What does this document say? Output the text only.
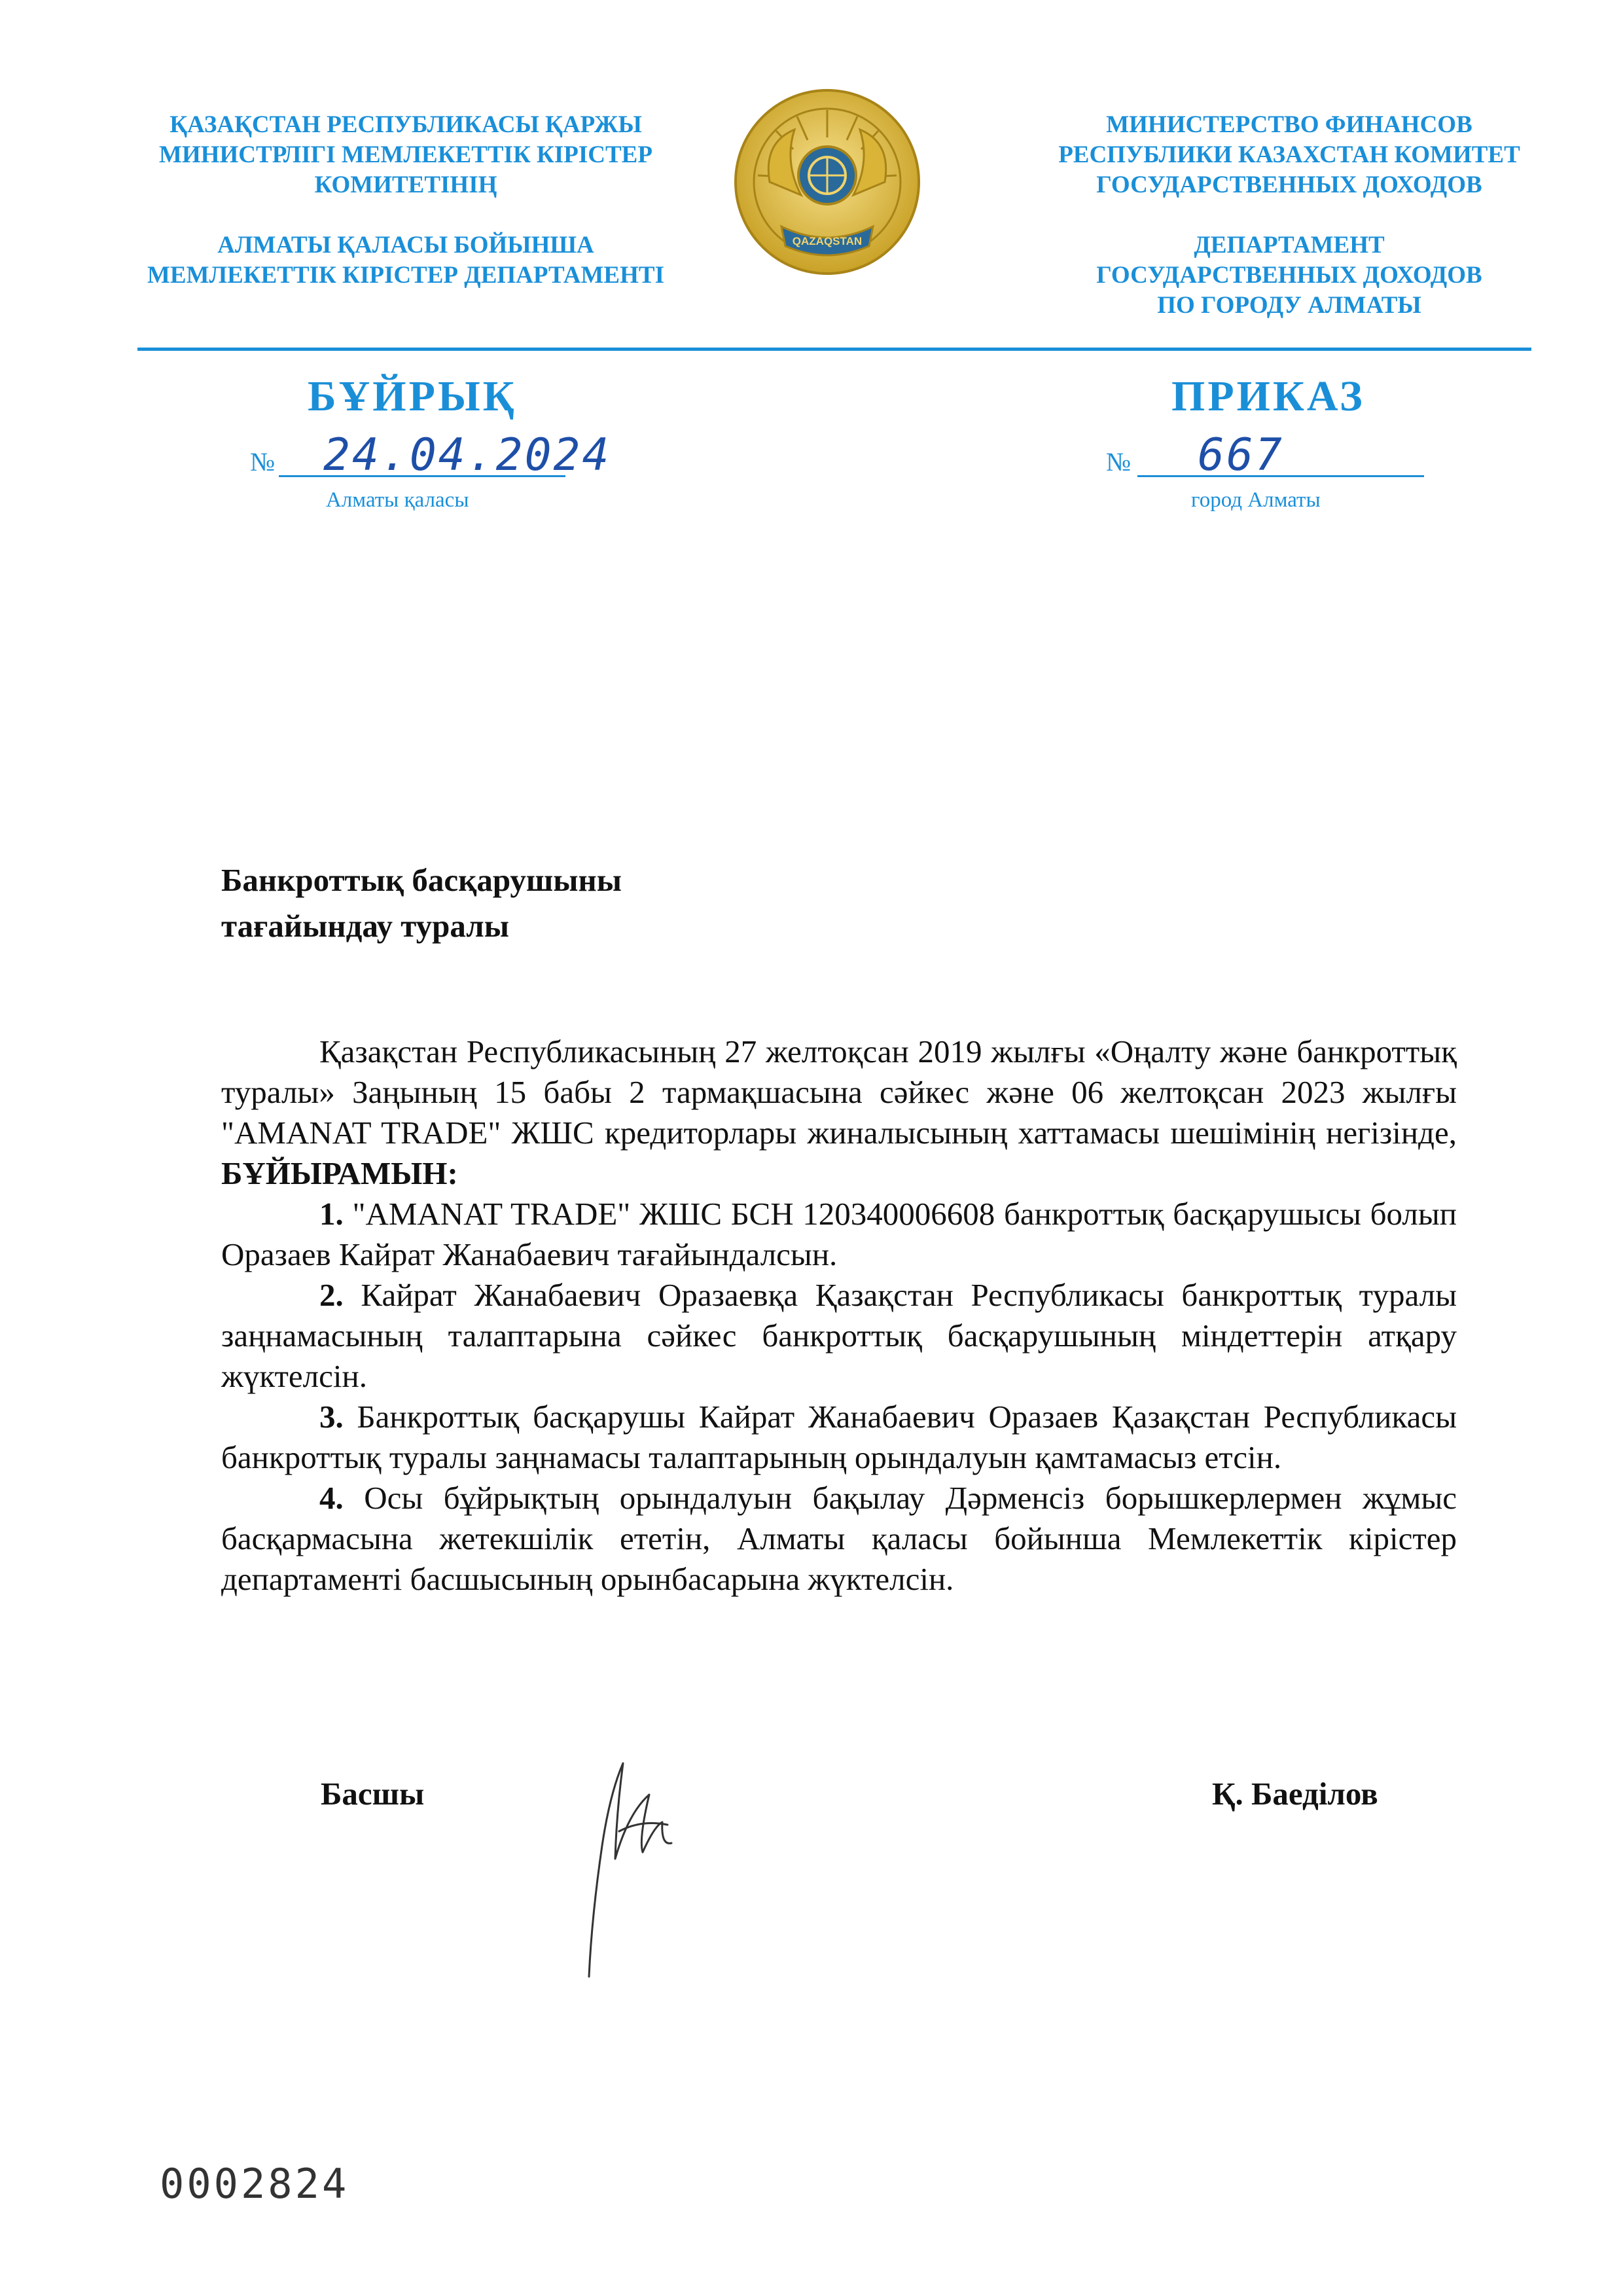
ҚАЗАҚСТАН РЕСПУБЛИКАСЫ ҚАРЖЫ
МИНИСТРЛІГІ МЕМЛЕКЕТТІК КІРІСТЕР
КОМИТЕТІНІҢ
АЛМАТЫ ҚАЛАСЫ БОЙЫНША
МЕМЛЕКЕТТІК КІРІСТЕР ДЕПАРТАМЕНТІ
QAZAQSTAN
МИНИСТЕРСТВО ФИНАНСОВ
РЕСПУБЛИКИ КАЗАХСТАН КОМИТЕТ
ГОСУДАРСТВЕННЫХ ДОХОДОВ
ДЕПАРТАМЕНТ
ГОСУДАРСТВЕННЫХ ДОХОДОВ
ПО ГОРОДУ АЛМАТЫ
БҰЙРЫҚ	ПРИКАЗ
№ 24.04.2024
Алматы қаласы
№ 667
город Алматы
Банкроттық басқарушыны
тағайындау туралы

Қазақстан Республикасының 27 желтоқсан 2019 жылғы «Оңалту және банкроттық туралы» Заңының 15 бабы 2 тармақшасына сәйкес және 06 желтоқсан 2023 жылғы "AMANAT TRADE" ЖШС кредиторлары жиналысының хаттамасы шешімінің негізінде, БҰЙЫРАМЫН:

1. "AMANAT TRADE" ЖШС БСН 120340006608 банкроттық басқарушысы болып Оразаев Кайрат Жанабаевич тағайындалсын.

2. Кайрат Жанабаевич Оразаевқа Қазақстан Республикасы банкроттық туралы заңнамасының талаптарына сәйкес банкроттық басқарушының міндеттерін атқару жүктелсін.

3. Банкроттық басқарушы Кайрат Жанабаевич Оразаев Қазақстан Республикасы банкроттық туралы заңнамасы талаптарының орындалуын қамтамасыз етсін.

4. Осы бұйрықтың орындалуын бақылау Дәрменсіз борышкерлермен жұмыс басқармасына жетекшілік ететін, Алматы қаласы бойынша Мемлекеттік кірістер департаменті басшысының орынбасарына жүктелсін.

Басшы	Қ. Баеділов
0002824
